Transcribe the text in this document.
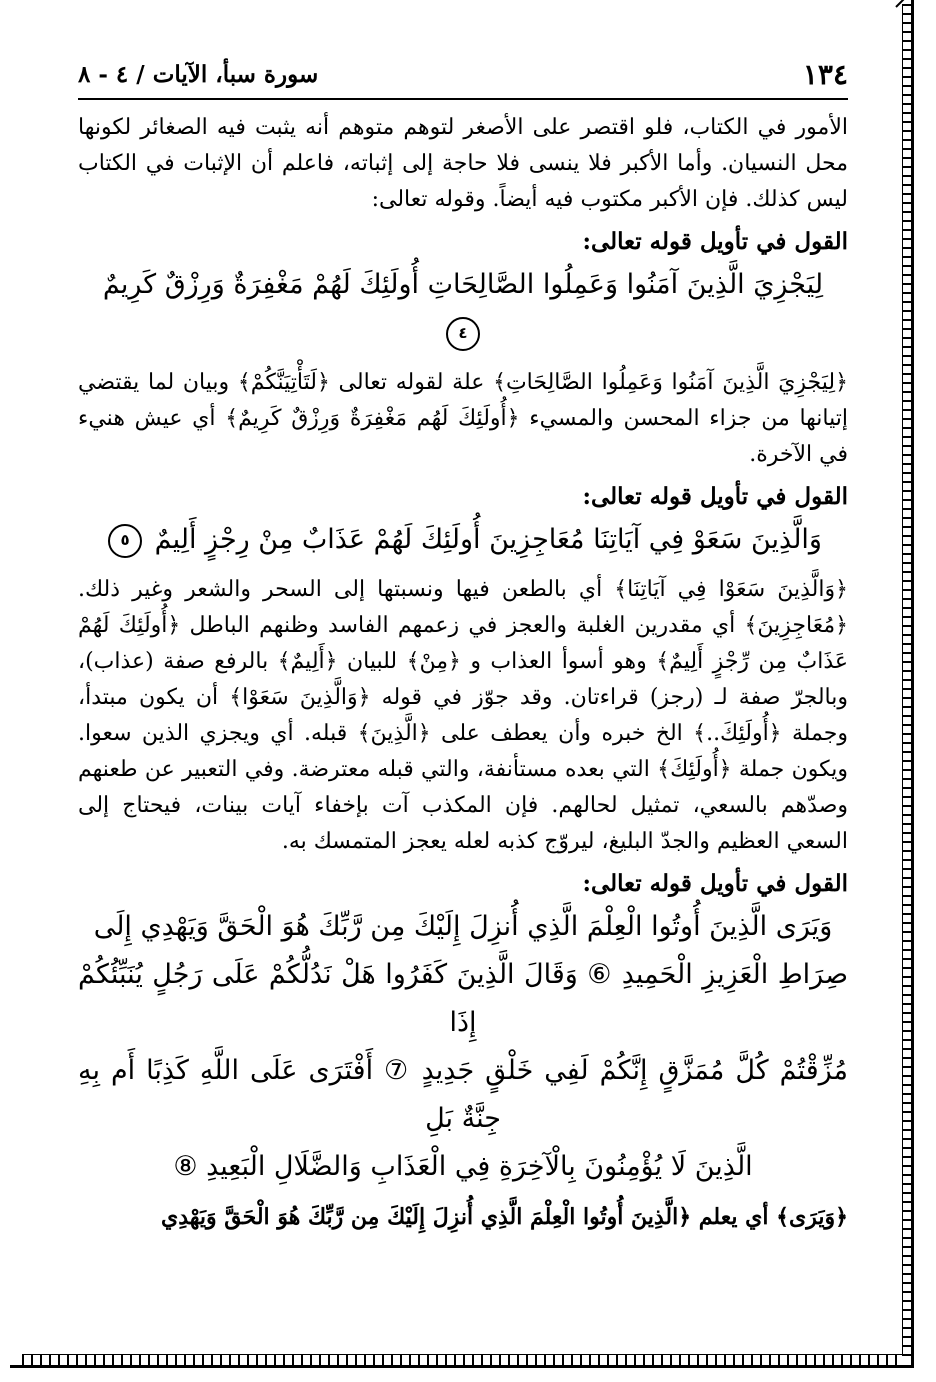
١٣٤
سورة سبأ، الآيات / ٤ - ٨

الأمور في الكتاب، فلو اقتصر على الأصغر لتوهم متوهم أنه يثبت فيه الصغائر لكونها محل النسيان. وأما الأكبر فلا ينسى فلا حاجة إلى إثباته، فاعلم أن الإثبات في الكتاب ليس كذلك. فإن الأكبر مكتوب فيه أيضاً. وقوله تعالى:

القول في تأويل قوله تعالى:
لِيَجْزِيَ الَّذِينَ آمَنُوا وَعَمِلُوا الصَّالِحَاتِ أُولَئِكَ لَهُمْ مَغْفِرَةٌ وَرِزْقٌ كَرِيمٌ ٤

﴿لِيَجْزِيَ الَّذِينَ آمَنُوا وَعَمِلُوا الصَّالِحَاتِ﴾ علة لقوله تعالى ﴿لَتَأْتِيَنَّكُمْ﴾ وبيان لما يقتضي إتيانها من جزاء المحسن والمسيء ﴿أُولَئِكَ لَهُم مَغْفِرَةٌ وَرِزْقٌ كَرِيمٌ﴾ أي عيش هنيء في الآخرة.

القول في تأويل قوله تعالى:
وَالَّذِينَ سَعَوْ فِي آيَاتِنَا مُعَاجِزِينَ أُولَئِكَ لَهُمْ عَذَابٌ مِنْ رِجْزٍ أَلِيمٌ ٥

﴿وَالَّذِينَ سَعَوْا فِي آيَاتِنَا﴾ أي بالطعن فيها ونسبتها إلى السحر والشعر وغير ذلك. ﴿مُعَاجِزِينَ﴾ أي مقدرين الغلبة والعجز في زعمهم الفاسد وظنهم الباطل ﴿أُولَئِكَ لَهُمْ عَذَابٌ مِن رِّجْزٍ أَلِيمٌ﴾ وهو أسوأ العذاب و ﴿مِنْ﴾ للبيان ﴿أَلِيمٌ﴾ بالرفع صفة (عذاب)، وبالجرّ صفة لـ (رجز) قراءتان. وقد جوّز في قوله ﴿وَالَّذِينَ سَعَوْا﴾ أن يكون مبتدأ، وجملة ﴿أُولَئِكَ..﴾ الخ خبره وأن يعطف على ﴿الَّذِينَ﴾ قبله. أي ويجزي الذين سعوا. ويكون جملة ﴿أُولَئِكَ﴾ التي بعده مستأنفة، والتي قبله معترضة. وفي التعبير عن طعنهم وصدّهم بالسعي، تمثيل لحالهم. فإن المكذب آت بإخفاء آيات بينات، فيحتاج إلى السعي العظيم والجدّ البليغ، ليروّج كذبه لعله يعجز المتمسك به.

القول في تأويل قوله تعالى:
وَيَرَى الَّذِينَ أُوتُوا الْعِلْمَ الَّذِي أُنزِلَ إِلَيْكَ مِن رَّبِّكَ هُوَ الْحَقَّ وَيَهْدِي إِلَى
صِرَاطِ الْعَزِيزِ الْحَمِيدِ ⑥ وَقَالَ الَّذِينَ كَفَرُوا هَلْ نَدُلُّكُمْ عَلَى رَجُلٍ يُنَبِّئُكُمْ إِذَا
مُزِّقْتُمْ كُلَّ مُمَزَّقٍ إِنَّكُمْ لَفِي خَلْقٍ جَدِيدٍ ⑦ أَفْتَرَى عَلَى اللَّهِ كَذِبًا أَم بِهِ جِنَّةٌ بَلِ
الَّذِينَ لَا يُؤْمِنُونَ بِالْآخِرَةِ فِي الْعَذَابِ وَالضَّلَالِ الْبَعِيدِ ⑧

﴿وَيَرَى﴾ أي يعلم ﴿الَّذِينَ أُوتُوا الْعِلْمَ الَّذِي أُنزِلَ إِلَيْكَ مِن رَّبِّكَ هُوَ الْحَقَّ وَيَهْدِي
